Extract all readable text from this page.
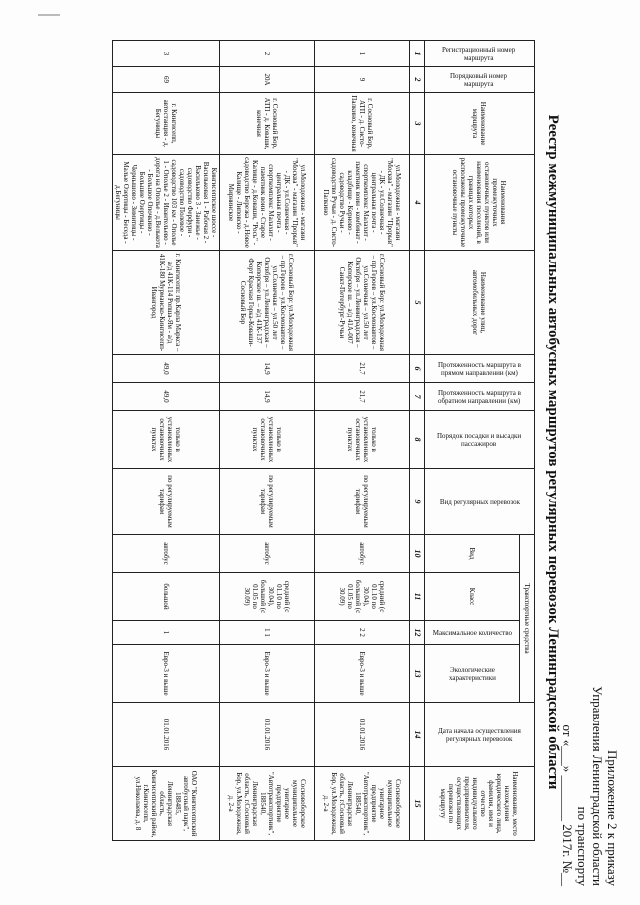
Приложение 2 к приказу
Управления Ленинградской области
по транспорту
от «___» _______ 2017г. №__
Реестр межмуниципальных автобусных маршрутов регулярных перевозок Ленинградской области
Регистрационный номер маршрута	Порядковый номер маршрута	Наименование маршрута	Наименования промежуточных остановочных пунктов или наименования поселений, в границах которых расположены промежуточные остановочные пункты	Наименование улиц, автомобильных дорог	Протяженность маршрута в прямом направлении (км)	Протяженность маршрута в обратном направлении (км)	Порядок посадки и высадки пассажиров	Вид регулярных перевозок	Транспортные средства				Дата начала осуществления регулярных перевозок	Наименование, место нахождения юридического лица, фамилия, имя и отчество индивидуального предпринимателя, осуществляющих перевозки по маршруту
									Вид	Класс	Максимальное количество	Экологические характеристики		

1	2	3	4	5	6	7	8	9	10	11	12	13	14	15
1	9	г. Сосновый Бор, АТП - д. Систо-Палкино, конечная	ул.Молодежная - магазин "Москва" - магазин "Прорыв" - ДК - ул.Солнечная - центральная почта - спорткомплекс Малахит - памятник воин - комбинат - кладбище - Керново - садоводство Ручьи - садоводство Ручьи - д. Систо-Палкино	г.Сосновый Бор: ул.Молодежная – пр.Героев – ул.Космонавтов – ул.Солнечная – ул.50 лет Октября – ул.Ленинградская – Копорское ш. – а/д 41А-007 Санкт-Петербург-Ручьи	21,7	21,7	только в установленных остановочных пунктах	по регулируемым тарифам	автобус	средний (с 01.10 по 30.04), большой (с 01.05 по 30.09)	2 2	Евро-3 и выше	01.01.2016	Сосновоборское муниципальное унитарное предприятие "Автотранспортник", 188540, Ленинградская область, г.Сосновый Бор, ул.Молодежная, д. 2-а
2	20А	г. Сосновый Бор, АТП - д. Коваши, конечная	ул.Молодежная - магазин "Москва" - магазин "Прорыв" - ДК - ул.Солнечная - центральная почта - спорткомплекс Малахит - памятник воин - Старое Калище - д.Коваши, "Рось" - садоводство Березка - д.Новое Калище - Липовско - Мирнинское	г.Сосновый Бор: ул.Молодежная – пр.Героев – ул.Космонавтов – ул.Солнечная – ул.50 лет Октября – ул.Ленинградская – Копорское ш. – а/д 41К-137 Форт Красная Горка-Коваши-Сосновый Бор	14,9	14,9	только в установленных остановочных пунктах	по регулируемым тарифам	автобус	средний (с 01.10 по 30.04), большой (с 01.05 по 30.09)	1 1	Евро-3 и выше	01.01.2016	Сосновоборское муниципальное унитарное предприятие "Автотранспортник", 188540, Ленинградская область, г.Сосновый Бор, ул.Молодежная, д. 2-а
3	69	г. Кингисепп, автостанция - д. Бегуницы	Кингисеппское шоссе - Васильковая 1 - Рабочая 2 - Васильково 3 - Занежье - садоводство Ферфури - садоводство Полевое - садоводство 103 км - Ополье 1 - Ополье 2 - Ивантельево - дорога на Ополье - д.Велькота - Большое Опочкино - Большие Озертицы - Чернышово - Зимитицы - Малые Озертицы - Беседа - д.Бегуницы	г. Кингисепп: пр.Карла Маркса – а/д 41К-114 Ропша-Ям - а/д 41К-180 Мурманско-Кингисепп-Ивангород	49,0	49,0	только в установленных остановочных пунктах	по регулируемым тарифам	автобус	большой	1	Евро-3 и выше	01.01.2016	ОАО "Кингисеппский автобусный парк", 188485, Ленинградская область, Кингисеппский район, г.Кингисепп, ул.Николаева, д. 8
